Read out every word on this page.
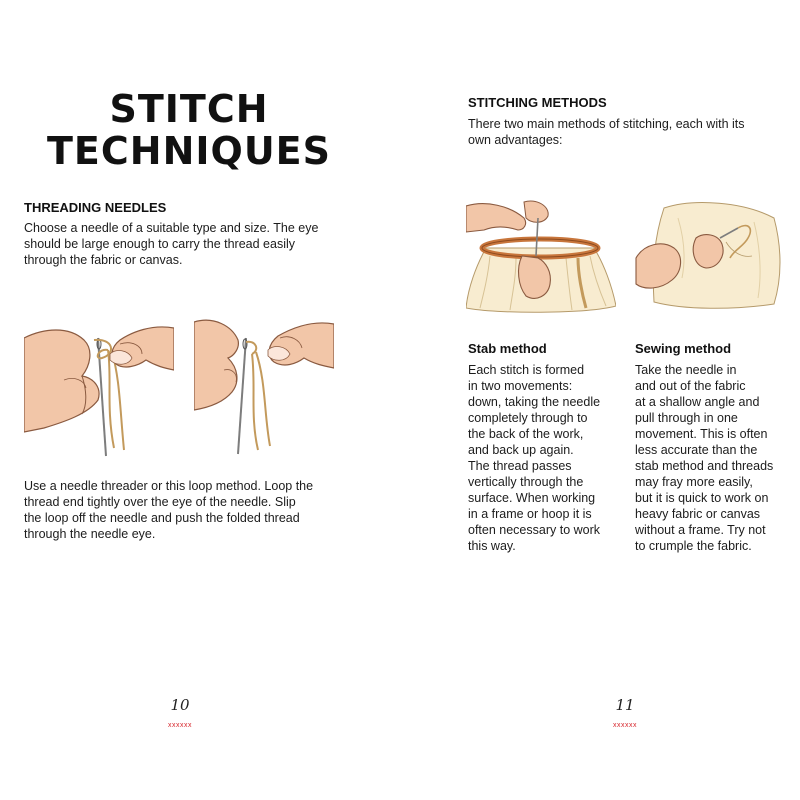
STITCH
TECHNIQUES
THREADING NEEDLES

Choose a needle of a suitable type and size. The eye
should be large enough to carry the thread easily
through the fabric or canvas.

Use a needle threader or this loop method. Loop the
thread end tightly over the eye of the needle. Slip
the loop off the needle and push the folded thread
through the needle eye.

10
xxxxxx
STITCHING METHODS

There two main methods of stitching, each with its
own advantages:

Stab method

Each stitch is formed
in two movements:
down, taking the needle
completely through to
the back of the work,
and back up again.
The thread passes
vertically through the
surface. When working
in a frame or hoop it is
often necessary to work
this way.

Sewing method

Take the needle in
and out of the fabric
at a shallow angle and
pull through in one
movement. This is often
less accurate than the
stab method and threads
may fray more easily,
but it is quick to work on
heavy fabric or canvas
without a frame. Try not
to crumple the fabric.

11
xxxxxx
